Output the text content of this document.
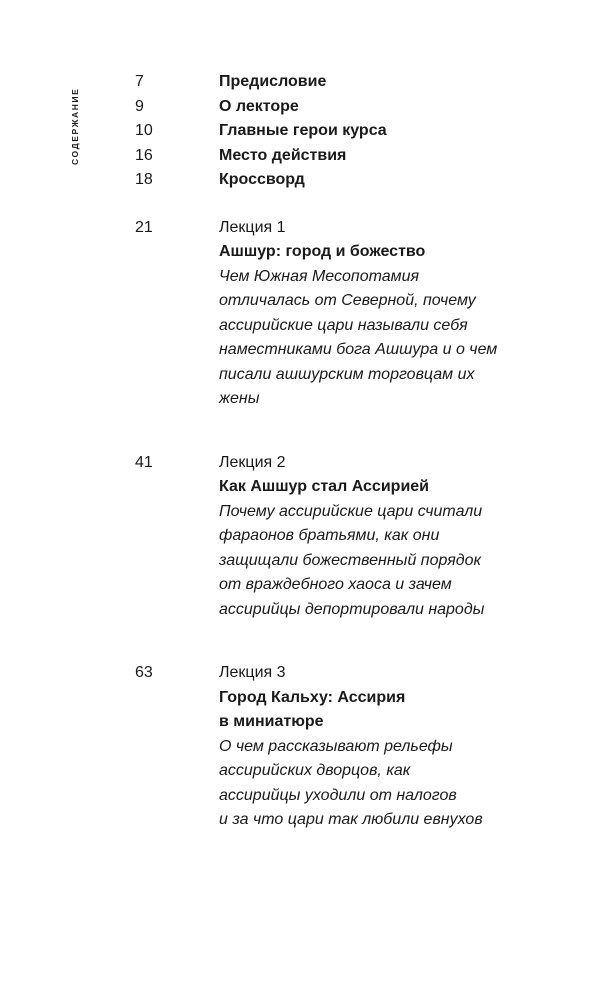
СОДЕРЖАНИЕ
7	Предисловие
9	О лекторе
10	Главные герои курса
16	Место действия
18	Кроссворд
21	Лекция 1
Ашшур: город и божество
Чем Южная Месопотамия
отличалась от Северной, почему
ассирийские цари называли себя
наместниками бога Ашшура и о чем
писали ашшурским торговцам их
жены
41	Лекция 2
Как Ашшур стал Ассирией
Почему ассирийские цари считали
фараонов братьями, как они
защищали божественный порядок
от враждебного хаоса и зачем
ассирийцы депортировали народы
63	Лекция 3
Город Кальху: Ассирия
в миниатюре
О чем рассказывают рельефы
ассирийских дворцов, как
ассирийцы уходили от налогов
и за что цари так любили евнухов
